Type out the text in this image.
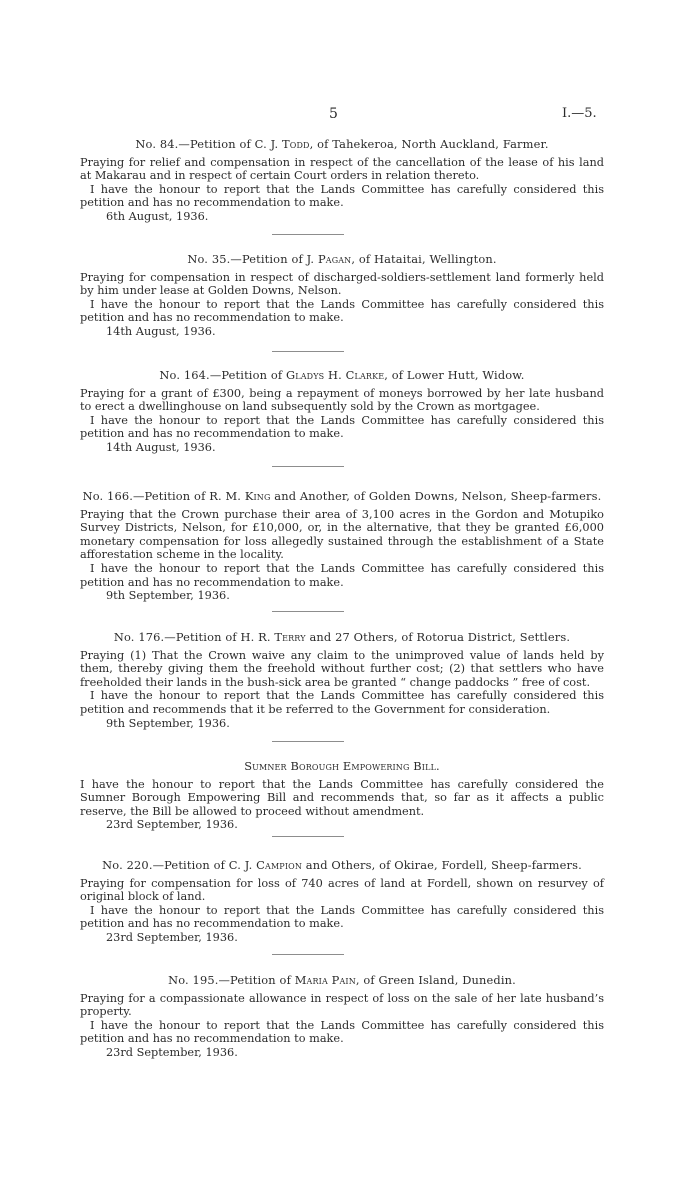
5	I.—5.
No. 84.—Petition of C. J. Todd, of Tahekeroa, North Auckland, Farmer.

Praying for relief and compensation in respect of the cancellation of the lease of his land at Makarau and in respect of certain Court orders in relation thereto.

I have the honour to report that the Lands Committee has carefully considered this petition and has no recommendation to make.

6th August, 1936.

No. 35.—Petition of J. Pagan, of Hataitai, Wellington.

Praying for compensation in respect of discharged-soldiers-settlement land formerly held by him under lease at Golden Downs, Nelson.

I have the honour to report that the Lands Committee has carefully considered this petition and has no recommendation to make.

14th August, 1936.

No. 164.—Petition of Gladys H. Clarke, of Lower Hutt, Widow.

Praying for a grant of £300, being a repayment of moneys borrowed by her late husband to erect a dwellinghouse on land subsequently sold by the Crown as mortgagee.

I have the honour to report that the Lands Committee has carefully considered this petition and has no recommendation to make.

14th August, 1936.

No. 166.—Petition of R. M. King and Another, of Golden Downs, Nelson, Sheep-farmers.

Praying that the Crown purchase their area of 3,100 acres in the Gordon and Motupiko Survey Districts, Nelson, for £10,000, or, in the alternative, that they be granted £6,000 monetary compensation for loss allegedly sustained through the establishment of a State afforestation scheme in the locality.

I have the honour to report that the Lands Committee has carefully considered this petition and has no recommendation to make.

9th September, 1936.

No. 176.—Petition of H. R. Terry and 27 Others, of Rotorua District, Settlers.

Praying (1) That the Crown waive any claim to the unimproved value of lands held by them, thereby giving them the freehold without further cost; (2) that settlers who have freeholded their lands in the bush-sick area be granted “ change paddocks ” free of cost.

I have the honour to report that the Lands Committee has carefully considered this petition and recommends that it be referred to the Government for consideration.

9th September, 1936.

Sumner Borough Empowering Bill.

I have the honour to report that the Lands Committee has carefully considered the Sumner Borough Empowering Bill and recommends that, so far as it affects a public reserve, the Bill be allowed to proceed without amendment.

23rd September, 1936.

No. 220.—Petition of C. J. Campion and Others, of Okirae, Fordell, Sheep-farmers.

Praying for compensation for loss of 740 acres of land at Fordell, shown on resurvey of original block of land.

I have the honour to report that the Lands Committee has carefully considered this petition and has no recommendation to make.

23rd September, 1936.

No. 195.—Petition of Maria Pain, of Green Island, Dunedin.

Praying for a compassionate allowance in respect of loss on the sale of her late husband’s property.

I have the honour to report that the Lands Committee has carefully considered this petition and has no recommendation to make.

23rd September, 1936.
